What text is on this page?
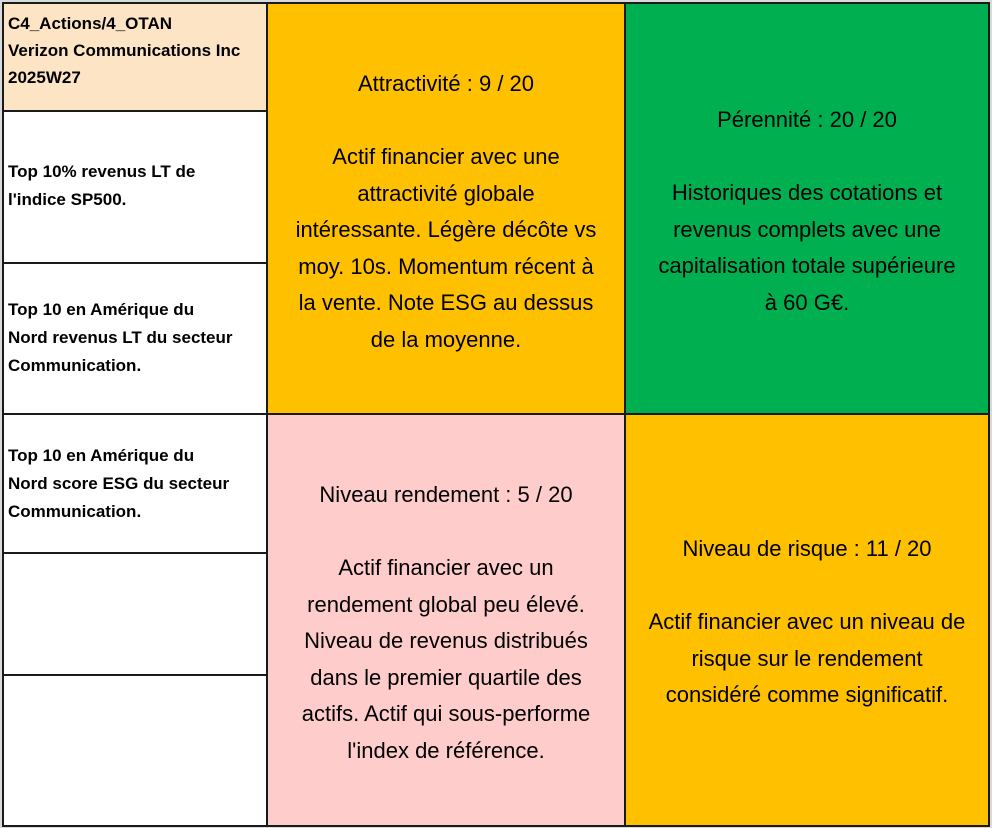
C4_Actions/4_OTAN
Verizon Communications Inc
2025W27
Top 10% revenus LT de
l'indice SP500.
Top 10 en Amérique du
Nord revenus LT du secteur
Communication.
Top 10 en Amérique du
Nord score ESG du secteur
Communication.
Attractivité : 9 / 20
Actif financier avec une
attractivité globale
intéressante. Légère décôte vs
moy. 10s. Momentum récent à
la vente. Note ESG au dessus
de la moyenne.
Pérennité : 20 / 20
Historiques des cotations et
revenus complets avec une
capitalisation totale supérieure
à 60 G€.
Niveau rendement : 5 / 20
Actif financier avec un
rendement global peu élevé.
Niveau de revenus distribués
dans le premier quartile des
actifs. Actif qui sous-performe
l'index de référence.
Niveau de risque : 11 / 20
Actif financier avec un niveau de
risque sur le rendement
considéré comme significatif.
